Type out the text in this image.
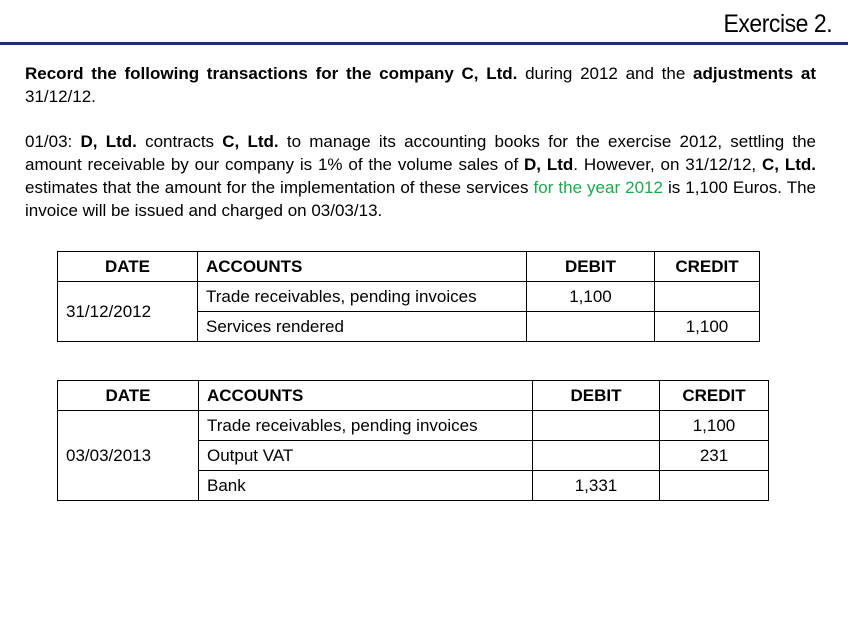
Exercise 2.

Record the following transactions for the company C, Ltd. during 2012 and the adjustments at 31/12/12.

01/03: D, Ltd. contracts C, Ltd. to manage its accounting books for the exercise 2012, settling the amount receivable by our company is 1% of the volume sales of D, Ltd. However, on 31/12/12, C, Ltd. estimates that the amount for the implementation of these services for the year 2012 is 1,100 Euros. The invoice will be issued and charged on 03/03/13.

DATE	ACCOUNTS	DEBIT	CREDIT
31/12/2012	Trade receivables, pending invoices	1,100	
	Services rendered		1,100
DATE	ACCOUNTS	DEBIT	CREDIT
03/03/2013	Trade receivables, pending invoices		1,100
	Output VAT		231
	Bank	1,331	
